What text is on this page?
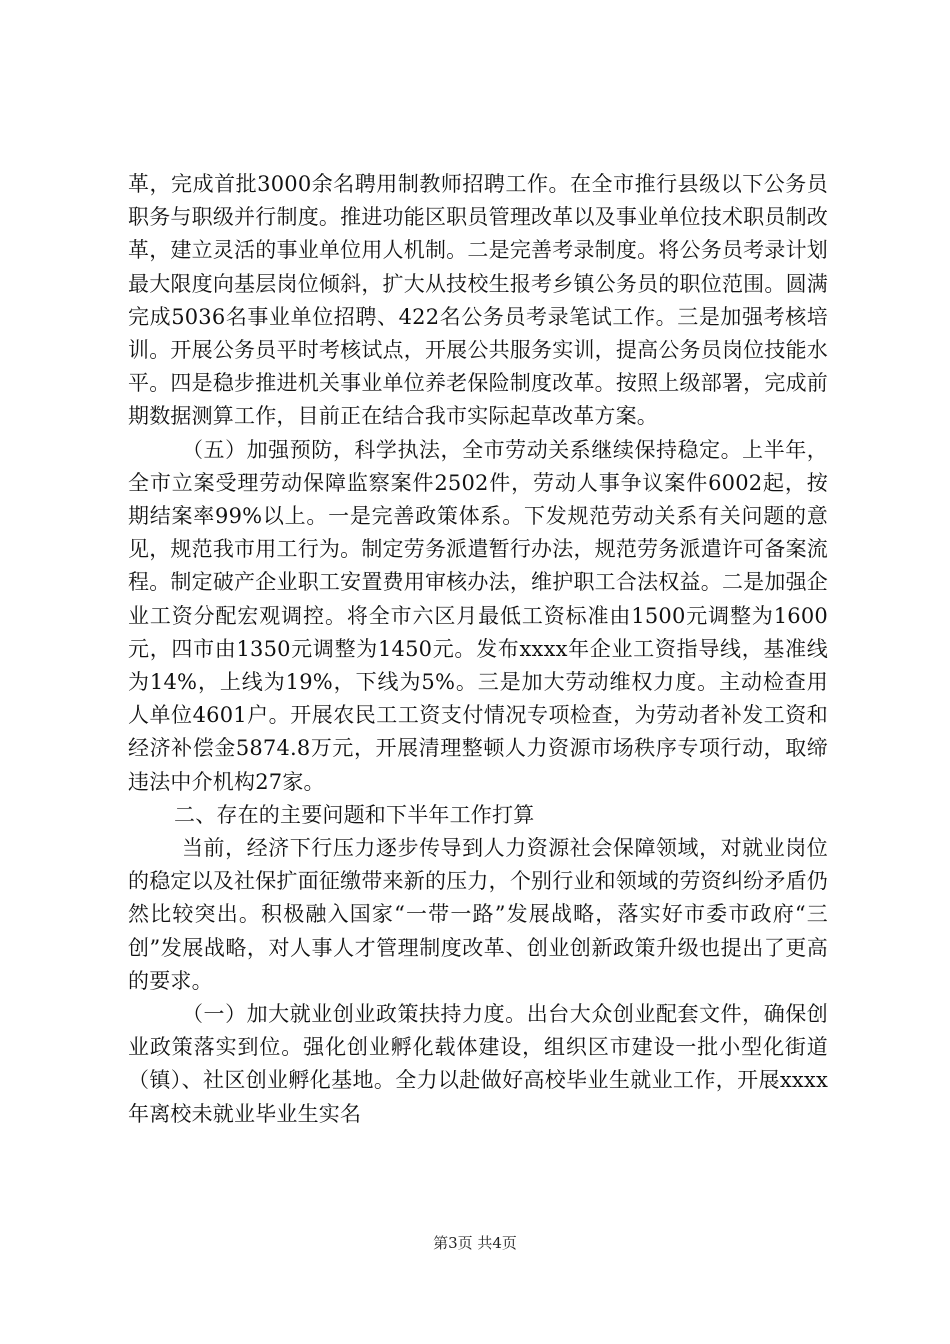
革，完成首批3000余名聘用制教师招聘工作。在全市推行县级以下公务员职务与职级并行制度。推进功能区职员管理改革以及事业单位技术职员制改革，建立灵活的事业单位用人机制。二是完善考录制度。将公务员考录计划最大限度向基层岗位倾斜，扩大从技校生报考乡镇公务员的职位范围。圆满完成5036名事业单位招聘、422名公务员考录笔试工作。三是加强考核培训。开展公务员平时考核试点，开展公共服务实训，提高公务员岗位技能水平。四是稳步推进机关事业单位养老保险制度改革。按照上级部署，完成前期数据测算工作，目前正在结合我市实际起草改革方案。

（五）加强预防，科学执法，全市劳动关系继续保持稳定。上半年，全市立案受理劳动保障监察案件2502件，劳动人事争议案件6002起，按期结案率99%以上。一是完善政策体系。下发规范劳动关系有关问题的意见，规范我市用工行为。制定劳务派遣暂行办法，规范劳务派遣许可备案流程。制定破产企业职工安置费用审核办法，维护职工合法权益。二是加强企业工资分配宏观调控。将全市六区月最低工资标准由1500元调整为1600元，四市由1350元调整为1450元。发布xxxx年企业工资指导线，基准线为14%，上线为19%，下线为5%。三是加大劳动维权力度。主动检查用人单位4601户。开展农民工工资支付情况专项检查，为劳动者补发工资和经济补偿金5874.8万元，开展清理整顿人力资源市场秩序专项行动，取缔违法中介机构27家。

二、存在的主要问题和下半年工作打算

当前，经济下行压力逐步传导到人力资源社会保障领域，对就业岗位的稳定以及社保扩面征缴带来新的压力，个别行业和领域的劳资纠纷矛盾仍然比较突出。积极融入国家“一带一路”发展战略，落实好市委市政府“三创”发展战略，对人事人才管理制度改革、创业创新政策升级也提出了更高的要求。

（一）加大就业创业政策扶持力度。出台大众创业配套文件，确保创业政策落实到位。强化创业孵化载体建设，组织区市建设一批小型化街道（镇）、社区创业孵化基地。全力以赴做好高校毕业生就业工作，开展xxxx年离校未就业毕业生实名

第3页 共4页
